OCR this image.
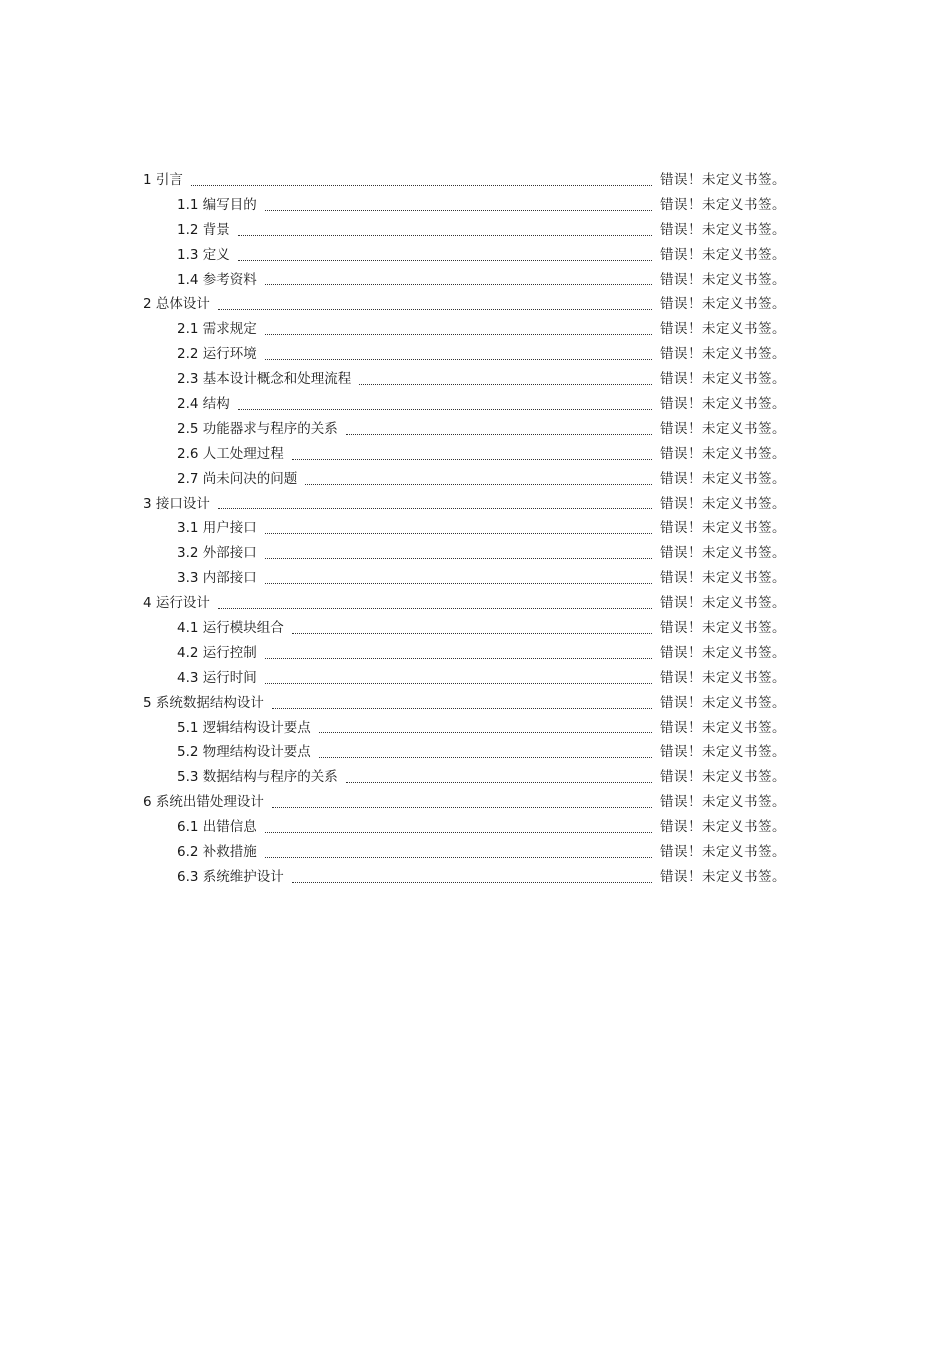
1 引言	错误！未定义书签。
1.1 编写目的	错误！未定义书签。
1.2 背景	错误！未定义书签。
1.3 定义	错误！未定义书签。
1.4 参考资料	错误！未定义书签。
2 总体设计	错误！未定义书签。
2.1 需求规定	错误！未定义书签。
2.2 运行环境	错误！未定义书签。
2.3 基本设计概念和处理流程	错误！未定义书签。
2.4 结构	错误！未定义书签。
2.5 功能器求与程序的关系	错误！未定义书签。
2.6 人工处理过程	错误！未定义书签。
2.7 尚未问决的问题	错误！未定义书签。
3 接口设计	错误！未定义书签。
3.1 用户接口	错误！未定义书签。
3.2 外部接口	错误！未定义书签。
3.3 内部接口	错误！未定义书签。
4 运行设计	错误！未定义书签。
4.1 运行模块组合	错误！未定义书签。
4.2 运行控制	错误！未定义书签。
4.3 运行时间	错误！未定义书签。
5 系统数据结构设计	错误！未定义书签。
5.1 逻辑结构设计要点	错误！未定义书签。
5.2 物理结构设计要点	错误！未定义书签。
5.3 数据结构与程序的关系	错误！未定义书签。
6 系统出错处理设计	错误！未定义书签。
6.1 出错信息	错误！未定义书签。
6.2 补救措施	错误！未定义书签。
6.3 系统维护设计	错误！未定义书签。
